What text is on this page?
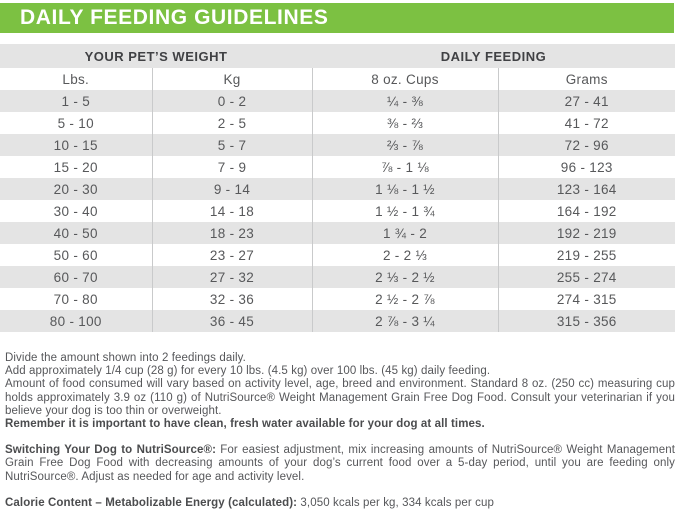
DAILY FEEDING GUIDELINES
YOUR PET’S WEIGHT		DAILY FEEDING	
Lbs.	Kg	8 oz. Cups	Grams
1 - 5	0 - 2	¼ - ⅜	27 - 41
5 - 10	2 - 5	⅜ - ⅔	41 - 72
10 - 15	5 - 7	⅔ - ⅞	72 - 96
15 - 20	7 - 9	⅞ - 1 ⅛	96 - 123
20 - 30	9 - 14	1 ⅛ - 1 ½	123 - 164
30 - 40	14 - 18	1 ½ - 1 ¾	164 - 192
40 - 50	18 - 23	1 ¾ - 2	192 - 219
50 - 60	23 - 27	2 - 2 ⅓	219 - 255
60 - 70	27 - 32	2 ⅓ - 2 ½	255 - 274
70 - 80	32 - 36	2 ½ - 2 ⅞	274 - 315
80 - 100	36 - 45	2 ⅞ - 3 ¼	315 - 356
Divide the amount shown into 2 feedings daily.
Add approximately 1/4 cup (28 g) for every 10 lbs. (4.5 kg) over 100 lbs. (45 kg) daily feeding.
Amount of food consumed will vary based on activity level, age, breed and environment. Standard 8 oz. (250 cc) measuring cup holds approximately 3.9 oz (110 g) of NutriSource® Weight Management Grain Free Dog Food. Consult your veterinarian if you believe your dog is too thin or overweight.
Remember it is important to have clean, fresh water available for your dog at all times.

Switching Your Dog to NutriSource®: For easiest adjustment, mix increasing amounts of NutriSource® Weight Management Grain Free Dog Food with decreasing amounts of your dog’s current food over a 5-day period, until you are feeding only NutriSource®. Adjust as needed for age and activity level.

Calorie Content – Metabolizable Energy (calculated): 3,050 kcals per kg, 334 kcals per cup
